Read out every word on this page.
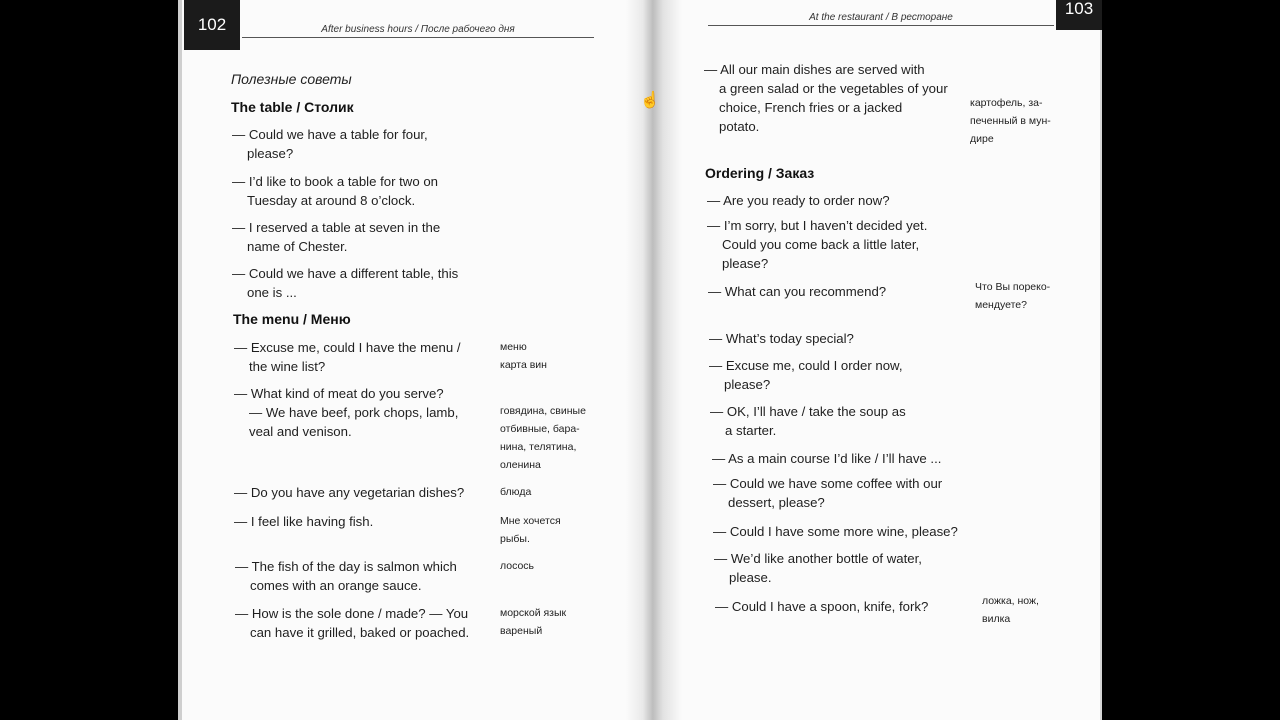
102	After business hours / После рабочего дня
Полезные советы
The table / Столик
— Could we have a table for four,
please?
— I’d like to book a table for two on
Tuesday at around 8 o’clock.
— I reserved a table at seven in the
name of Chester.
— Could we have a different table, this
one is ...
The menu / Меню
— Excuse me, could I have the menu /
the wine list?
меню
карта вин
— What kind of meat do you serve?
— We have beef, pork chops, lamb,
veal and venison.
говядина, свиные
отбивные, бара-
нина, телятина,
оленина
— Do you have any vegetarian dishes?	блюда
— I feel like having fish.	Мне хочется
рыбы.
— The fish of the day is salmon which
comes with an orange sauce.
лосось
— How is the sole done / made? — You
can have it grilled, baked or poached.
морской язык
вареный
103
At the restaurant / В ресторане
— All our main dishes are served with
a green salad or the vegetables of your
choice, French fries or a jacked
potato.
картофель, за-
печенный в мун-
дире
Ordering / Заказ
— Are you ready to order now?
— I’m sorry, but I haven’t decided yet.
Could you come back a little later,
please?
— What can you recommend?	Что Вы пореко-
мендуете?
— What’s today special?
— Excuse me, could I order now,
please?
— OK, I’ll have / take the soup as
a starter.
— As a main course I’d like / I’ll have ...
— Could we have some coffee with our
dessert, please?
— Could I have some more wine, please?
— We’d like another bottle of water,
please.
— Could I have a spoon, knife, fork?	ложка, нож,
вилка
☝
